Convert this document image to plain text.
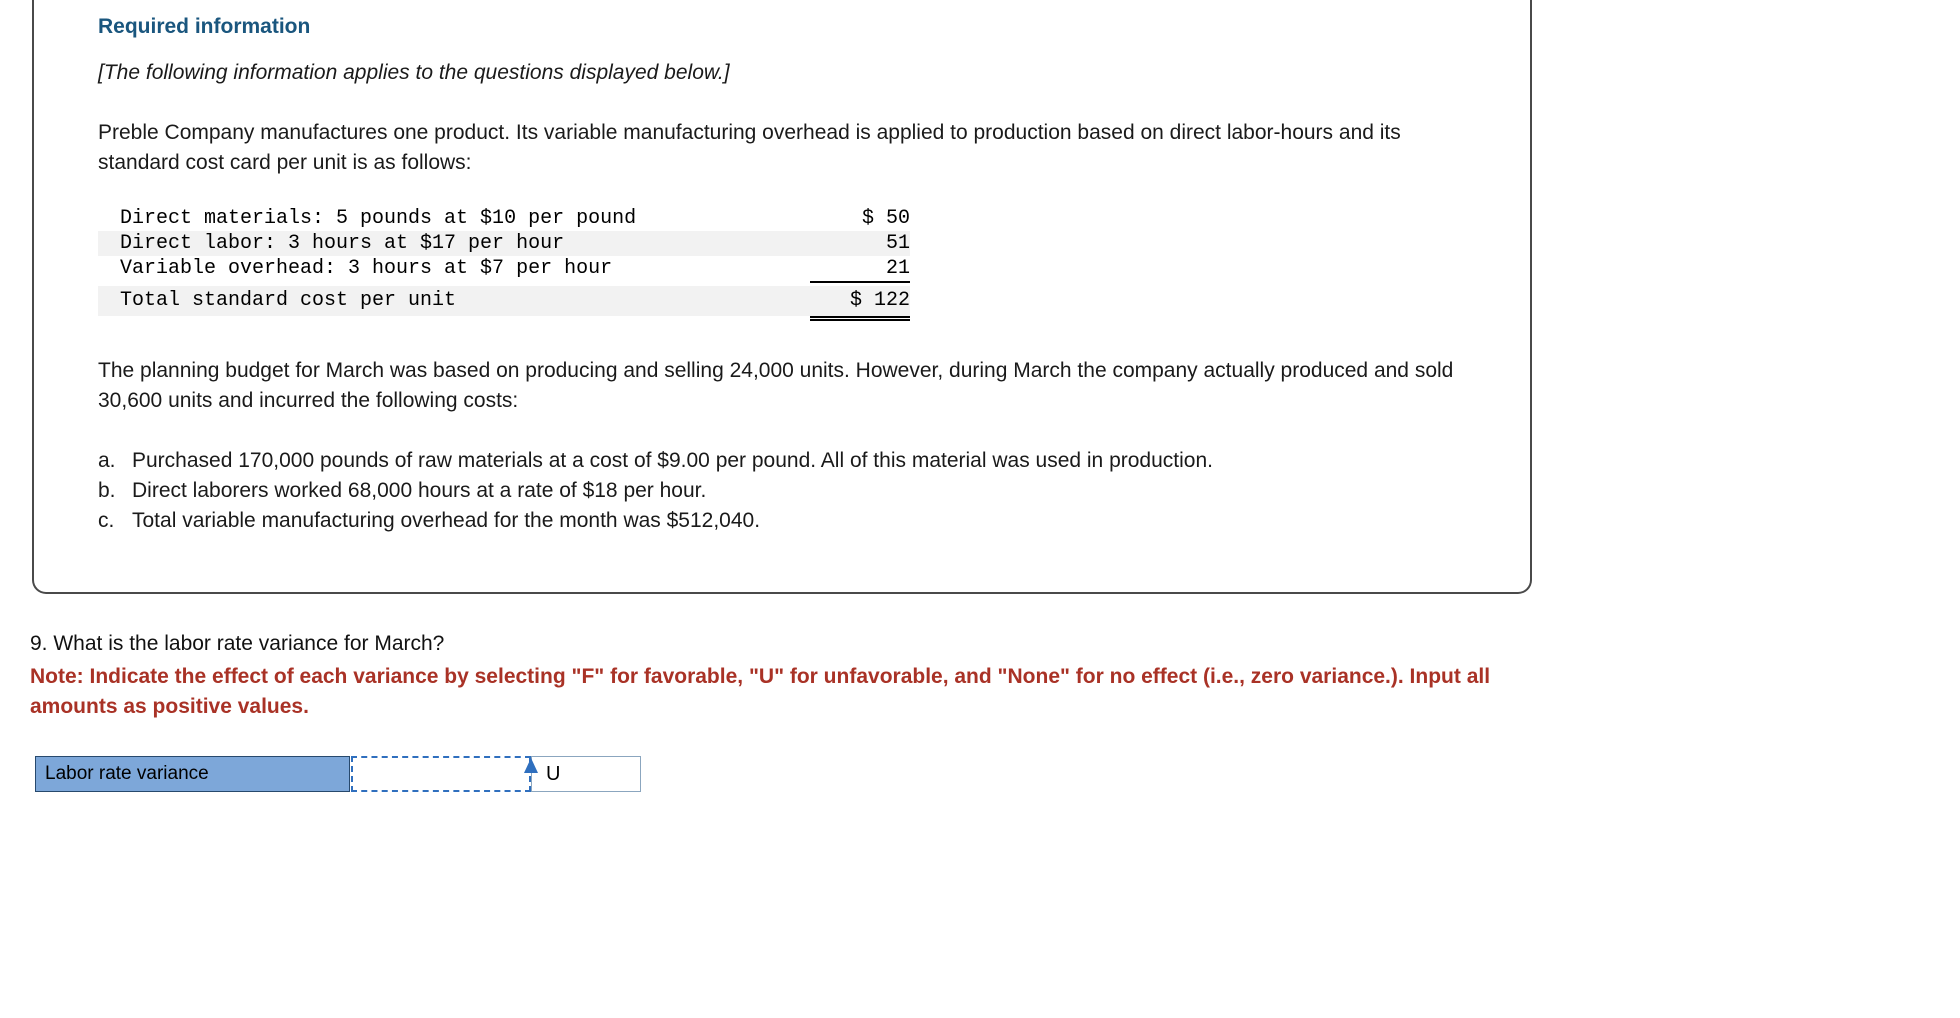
Required information
[The following information applies to the questions displayed below.]
Preble Company manufactures one product. Its variable manufacturing overhead is applied to production based on direct labor-hours and its standard cost card per unit is as follows:
Direct materials: 5 pounds at $10 per pound	$ 50
Direct labor: 3 hours at $17 per hour	51
Variable overhead: 3 hours at $7 per hour	21
Total standard cost per unit	$ 122
The planning budget for March was based on producing and selling 24,000 units. However, during March the company actually produced and sold 30,600 units and incurred the following costs:
a. Purchased 170,000 pounds of raw materials at a cost of $9.00 per pound. All of this material was used in production.
b. Direct laborers worked 68,000 hours at a rate of $18 per hour.
c. Total variable manufacturing overhead for the month was $512,040.
9. What is the labor rate variance for March?
Note: Indicate the effect of each variance by selecting "F" for favorable, "U" for unfavorable, and "None" for no effect (i.e., zero variance.). Input all amounts as positive values.
Labor rate variance	U
